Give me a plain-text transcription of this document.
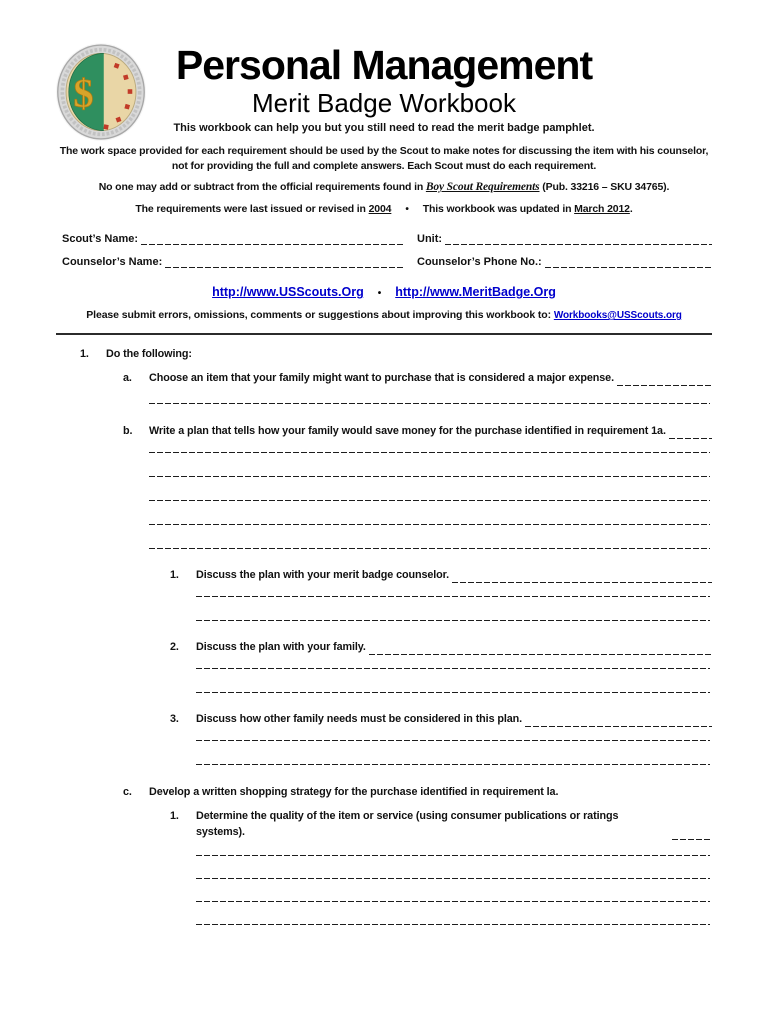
$
Personal Management
Merit Badge Workbook
This workbook can help you but you still need to read the merit badge pamphlet.

The work space provided for each requirement should be used by the Scout to make notes for discussing the item with his counselor, not for providing the full and complete answers. Each Scout must do each requirement.

No one may add or subtract from the official requirements found in Boy Scout Requirements (Pub. 33216 – SKU 34765).

The requirements were last issued or revised in 2004 • This workbook was updated in March 2012.

Scout’s Name:	Unit:
Counselor’s Name:	Counselor’s Phone No.:
http://www.USScouts.Org • http://www.MeritBadge.Org
Please submit errors, omissions, comments or suggestions about improving this workbook to: Workbooks@USScouts.org
1.	Do the following:
a.	Choose an item that your family might want to purchase that is considered a major expense.
b.	Write a plan that tells how your family would save money for the purchase identified in requirement 1a.
1.	Discuss the plan with your merit badge counselor.
2.	Discuss the plan with your family.
3.	Discuss how other family needs must be considered in this plan.
c.	Develop a written shopping strategy for the purchase identified in requirement la.
1.	Determine the quality of the item or service (using consumer publications or ratings systems).
